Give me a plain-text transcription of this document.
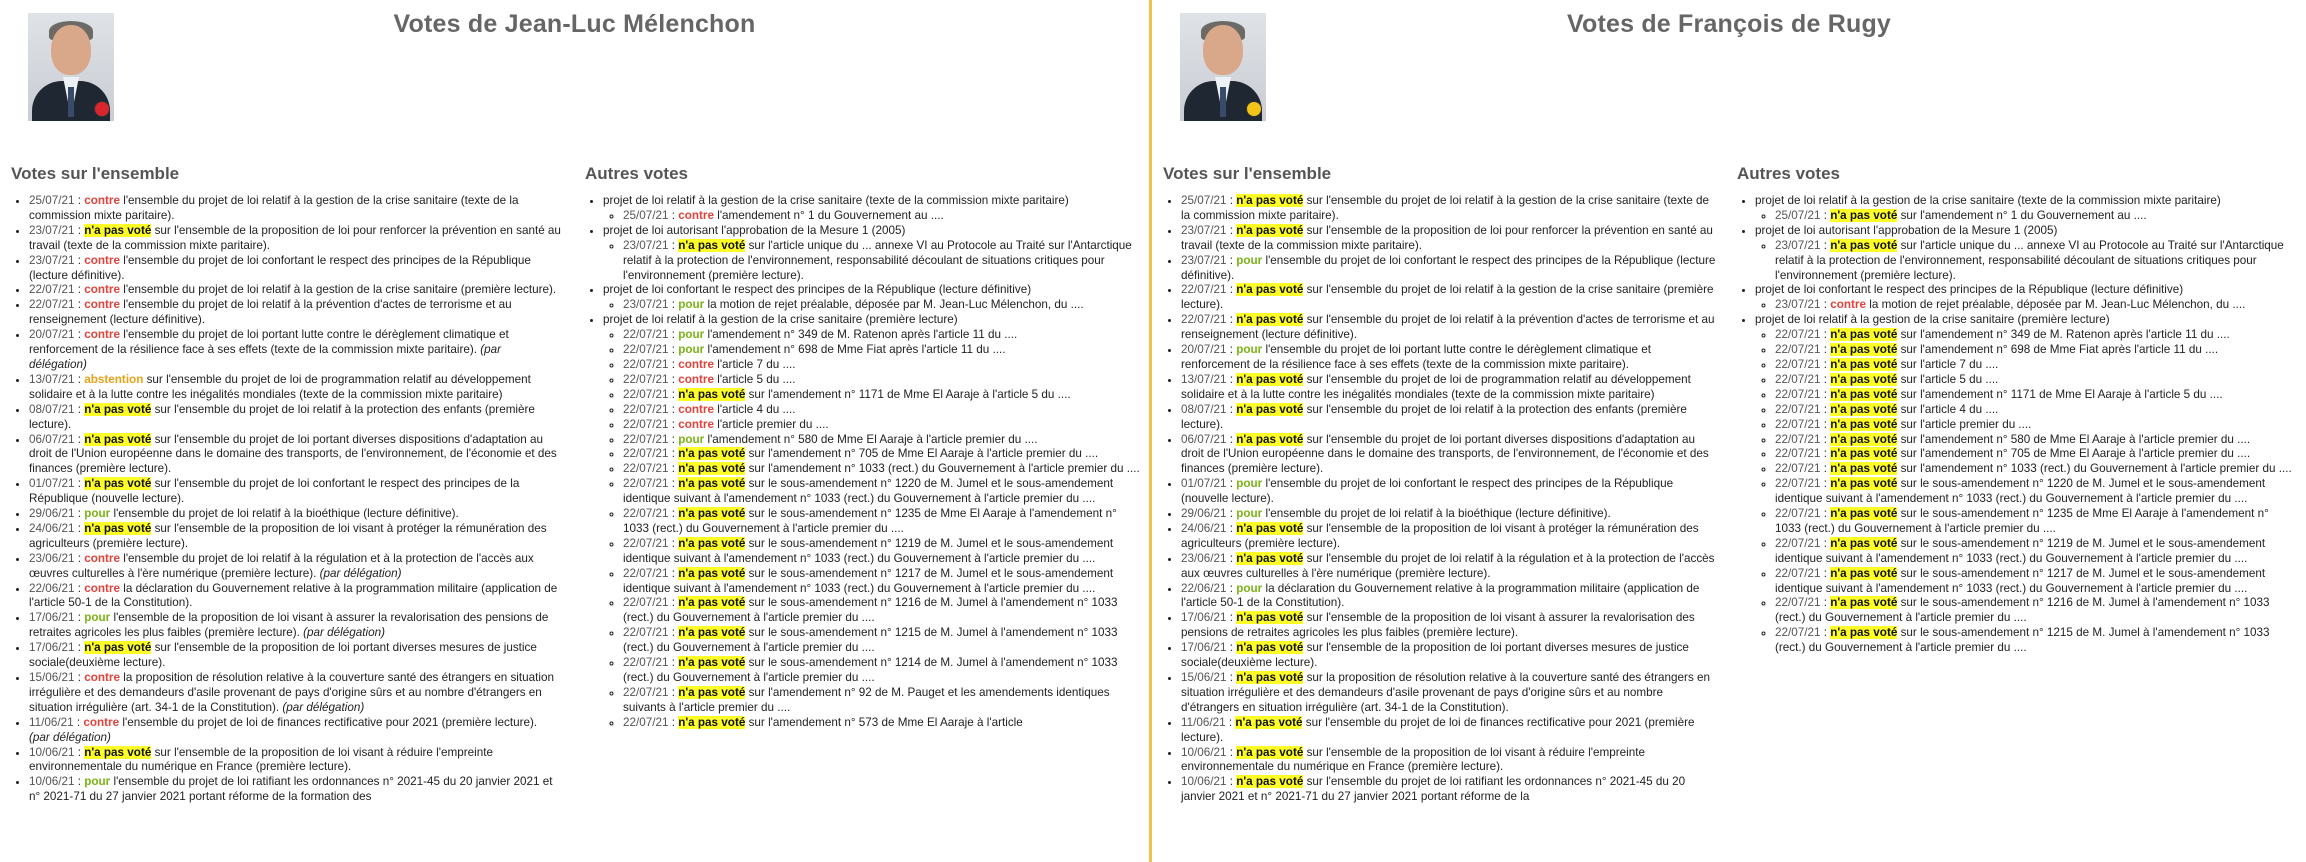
Votes de Jean-Luc Mélenchon
Votes sur l'ensemble
• 25/07/21 : contre l'ensemble du projet de loi relatif à la gestion de la crise sanitaire (texte de la commission mixte paritaire).
• 23/07/21 : n'a pas voté sur l'ensemble de la proposition de loi pour renforcer la prévention en santé au travail (texte de la commission mixte paritaire).
• 23/07/21 : contre l'ensemble du projet de loi confortant le respect des principes de la République (lecture définitive).
• 22/07/21 : contre l'ensemble du projet de loi relatif à la gestion de la crise sanitaire (première lecture).
• 22/07/21 : contre l'ensemble du projet de loi relatif à la prévention d'actes de terrorisme et au renseignement (lecture définitive).
• 20/07/21 : contre l'ensemble du projet de loi portant lutte contre le dérèglement climatique et renforcement de la résilience face à ses effets (texte de la commission mixte paritaire). (par délégation)
• 13/07/21 : abstention sur l'ensemble du projet de loi de programmation relatif au développement solidaire et à la lutte contre les inégalités mondiales (texte de la commission mixte paritaire)
• 08/07/21 : n'a pas voté sur l'ensemble du projet de loi relatif à la protection des enfants (première lecture).
• 06/07/21 : n'a pas voté sur l'ensemble du projet de loi portant diverses dispositions d'adaptation au droit de l'Union européenne dans le domaine des transports, de l'environnement, de l'économie et des finances (première lecture).
• 01/07/21 : n'a pas voté sur l'ensemble du projet de loi confortant le respect des principes de la République (nouvelle lecture).
• 29/06/21 : pour l'ensemble du projet de loi relatif à la bioéthique (lecture définitive).
• 24/06/21 : n'a pas voté sur l'ensemble de la proposition de loi visant à protéger la rémunération des agriculteurs (première lecture).
• 23/06/21 : contre l'ensemble du projet de loi relatif à la régulation et à la protection de l'accès aux œuvres culturelles à l'ère numérique (première lecture). (par délégation)
• 22/06/21 : contre la déclaration du Gouvernement relative à la programmation militaire (application de l'article 50-1 de la Constitution).
• 17/06/21 : pour l'ensemble de la proposition de loi visant à assurer la revalorisation des pensions de retraites agricoles les plus faibles (première lecture). (par délégation)
• 17/06/21 : n'a pas voté sur l'ensemble de la proposition de loi portant diverses mesures de justice sociale(deuxième lecture).
• 15/06/21 : contre la proposition de résolution relative à la couverture santé des étrangers en situation irrégulière et des demandeurs d'asile provenant de pays d'origine sûrs et au nombre d'étrangers en situation irrégulière (art. 34-1 de la Constitution). (par délégation)
• 11/06/21 : contre l'ensemble du projet de loi de finances rectificative pour 2021 (première lecture). (par délégation)
• 10/06/21 : n'a pas voté sur l'ensemble de la proposition de loi visant à réduire l'empreinte environnementale du numérique en France (première lecture).
• 10/06/21 : pour l'ensemble du projet de loi ratifiant les ordonnances n° 2021-45 du 20 janvier 2021 et n° 2021-71 du 27 janvier 2021 portant réforme de la formation des
Autres votes
• projet de loi relatif à la gestion de la crise sanitaire (texte de la commission mixte paritaire)
◦ 25/07/21 : contre l'amendement n° 1 du Gouvernement au ....
• projet de loi autorisant l'approbation de la Mesure 1 (2005)
◦ 23/07/21 : n'a pas voté sur l'article unique du ... annexe VI au Protocole au Traité sur l'Antarctique relatif à la protection de l'environnement, responsabilité découlant de situations critiques pour l'environnement (première lecture).
• projet de loi confortant le respect des principes de la République (lecture définitive)
◦ 23/07/21 : pour la motion de rejet préalable, déposée par M. Jean-Luc Mélenchon, du ....
• projet de loi relatif à la gestion de la crise sanitaire (première lecture)
◦ 22/07/21 : pour l'amendement n° 349 de M. Ratenon après l'article 11 du ....
◦ 22/07/21 : pour l'amendement n° 698 de Mme Fiat après l'article 11 du ....
◦ 22/07/21 : contre l'article 7 du ....
◦ 22/07/21 : contre l'article 5 du ....
◦ 22/07/21 : n'a pas voté sur l'amendement n° 1171 de Mme El Aaraje à l'article 5 du ....
◦ 22/07/21 : contre l'article 4 du ....
◦ 22/07/21 : contre l'article premier du ....
◦ 22/07/21 : pour l'amendement n° 580 de Mme El Aaraje à l'article premier du ....
◦ 22/07/21 : n'a pas voté sur l'amendement n° 705 de Mme El Aaraje à l'article premier du ....
◦ 22/07/21 : n'a pas voté sur l'amendement n° 1033 (rect.) du Gouvernement à l'article premier du ....
◦ 22/07/21 : n'a pas voté sur le sous-amendement n° 1220 de M. Jumel et le sous-amendement identique suivant à l'amendement n° 1033 (rect.) du Gouvernement à l'article premier du ....
◦ 22/07/21 : n'a pas voté sur le sous-amendement n° 1235 de Mme El Aaraje à l'amendement n° 1033 (rect.) du Gouvernement à l'article premier du ....
◦ 22/07/21 : n'a pas voté sur le sous-amendement n° 1219 de M. Jumel et le sous-amendement identique suivant à l'amendement n° 1033 (rect.) du Gouvernement à l'article premier du ....
◦ 22/07/21 : n'a pas voté sur le sous-amendement n° 1217 de M. Jumel et le sous-amendement identique suivant à l'amendement n° 1033 (rect.) du Gouvernement à l'article premier du ....
◦ 22/07/21 : n'a pas voté sur le sous-amendement n° 1216 de M. Jumel à l'amendement n° 1033 (rect.) du Gouvernement à l'article premier du ....
◦ 22/07/21 : n'a pas voté sur le sous-amendement n° 1215 de M. Jumel à l'amendement n° 1033 (rect.) du Gouvernement à l'article premier du ....
◦ 22/07/21 : n'a pas voté sur le sous-amendement n° 1214 de M. Jumel à l'amendement n° 1033 (rect.) du Gouvernement à l'article premier du ....
◦ 22/07/21 : n'a pas voté sur l'amendement n° 92 de M. Pauget et les amendements identiques suivants à l'article premier du ....
◦ 22/07/21 : n'a pas voté sur l'amendement n° 573 de Mme El Aaraje à l'article
Votes de François de Rugy
Votes sur l'ensemble
• 25/07/21 : n'a pas voté sur l'ensemble du projet de loi relatif à la gestion de la crise sanitaire (texte de la commission mixte paritaire).
• 23/07/21 : n'a pas voté sur l'ensemble de la proposition de loi pour renforcer la prévention en santé au travail (texte de la commission mixte paritaire).
• 23/07/21 : pour l'ensemble du projet de loi confortant le respect des principes de la République (lecture définitive).
• 22/07/21 : n'a pas voté sur l'ensemble du projet de loi relatif à la gestion de la crise sanitaire (première lecture).
• 22/07/21 : n'a pas voté sur l'ensemble du projet de loi relatif à la prévention d'actes de terrorisme et au renseignement (lecture définitive).
• 20/07/21 : pour l'ensemble du projet de loi portant lutte contre le dérèglement climatique et renforcement de la résilience face à ses effets (texte de la commission mixte paritaire).
• 13/07/21 : n'a pas voté sur l'ensemble du projet de loi de programmation relatif au développement solidaire et à la lutte contre les inégalités mondiales (texte de la commission mixte paritaire)
• 08/07/21 : n'a pas voté sur l'ensemble du projet de loi relatif à la protection des enfants (première lecture).
• 06/07/21 : n'a pas voté sur l'ensemble du projet de loi portant diverses dispositions d'adaptation au droit de l'Union européenne dans le domaine des transports, de l'environnement, de l'économie et des finances (première lecture).
• 01/07/21 : pour l'ensemble du projet de loi confortant le respect des principes de la République (nouvelle lecture).
• 29/06/21 : pour l'ensemble du projet de loi relatif à la bioéthique (lecture définitive).
• 24/06/21 : n'a pas voté sur l'ensemble de la proposition de loi visant à protéger la rémunération des agriculteurs (première lecture).
• 23/06/21 : n'a pas voté sur l'ensemble du projet de loi relatif à la régulation et à la protection de l'accès aux œuvres culturelles à l'ère numérique (première lecture).
• 22/06/21 : pour la déclaration du Gouvernement relative à la programmation militaire (application de l'article 50-1 de la Constitution).
• 17/06/21 : n'a pas voté sur l'ensemble de la proposition de loi visant à assurer la revalorisation des pensions de retraites agricoles les plus faibles (première lecture).
• 17/06/21 : n'a pas voté sur l'ensemble de la proposition de loi portant diverses mesures de justice sociale(deuxième lecture).
• 15/06/21 : n'a pas voté sur la proposition de résolution relative à la couverture santé des étrangers en situation irrégulière et des demandeurs d'asile provenant de pays d'origine sûrs et au nombre d'étrangers en situation irrégulière (art. 34-1 de la Constitution).
• 11/06/21 : n'a pas voté sur l'ensemble du projet de loi de finances rectificative pour 2021 (première lecture).
• 10/06/21 : n'a pas voté sur l'ensemble de la proposition de loi visant à réduire l'empreinte environnementale du numérique en France (première lecture).
• 10/06/21 : n'a pas voté sur l'ensemble du projet de loi ratifiant les ordonnances n° 2021-45 du 20 janvier 2021 et n° 2021-71 du 27 janvier 2021 portant réforme de la
Autres votes
• projet de loi relatif à la gestion de la crise sanitaire (texte de la commission mixte paritaire)
◦ 25/07/21 : n'a pas voté sur l'amendement n° 1 du Gouvernement au ....
• projet de loi autorisant l'approbation de la Mesure 1 (2005)
◦ 23/07/21 : n'a pas voté sur l'article unique du ... annexe VI au Protocole au Traité sur l'Antarctique relatif à la protection de l'environnement, responsabilité découlant de situations critiques pour l'environnement (première lecture).
• projet de loi confortant le respect des principes de la République (lecture définitive)
◦ 23/07/21 : contre la motion de rejet préalable, déposée par M. Jean-Luc Mélenchon, du ....
• projet de loi relatif à la gestion de la crise sanitaire (première lecture)
◦ 22/07/21 : n'a pas voté sur l'amendement n° 349 de M. Ratenon après l'article 11 du ....
◦ 22/07/21 : n'a pas voté sur l'amendement n° 698 de Mme Fiat après l'article 11 du ....
◦ 22/07/21 : n'a pas voté sur l'article 7 du ....
◦ 22/07/21 : n'a pas voté sur l'article 5 du ....
◦ 22/07/21 : n'a pas voté sur l'amendement n° 1171 de Mme El Aaraje à l'article 5 du ....
◦ 22/07/21 : n'a pas voté sur l'article 4 du ....
◦ 22/07/21 : n'a pas voté sur l'article premier du ....
◦ 22/07/21 : n'a pas voté sur l'amendement n° 580 de Mme El Aaraje à l'article premier du ....
◦ 22/07/21 : n'a pas voté sur l'amendement n° 705 de Mme El Aaraje à l'article premier du ....
◦ 22/07/21 : n'a pas voté sur l'amendement n° 1033 (rect.) du Gouvernement à l'article premier du ....
◦ 22/07/21 : n'a pas voté sur le sous-amendement n° 1220 de M. Jumel et le sous-amendement identique suivant à l'amendement n° 1033 (rect.) du Gouvernement à l'article premier du ....
◦ 22/07/21 : n'a pas voté sur le sous-amendement n° 1235 de Mme El Aaraje à l'amendement n° 1033 (rect.) du Gouvernement à l'article premier du ....
◦ 22/07/21 : n'a pas voté sur le sous-amendement n° 1219 de M. Jumel et le sous-amendement identique suivant à l'amendement n° 1033 (rect.) du Gouvernement à l'article premier du ....
◦ 22/07/21 : n'a pas voté sur le sous-amendement n° 1217 de M. Jumel et le sous-amendement identique suivant à l'amendement n° 1033 (rect.) du Gouvernement à l'article premier du ....
◦ 22/07/21 : n'a pas voté sur le sous-amendement n° 1216 de M. Jumel à l'amendement n° 1033 (rect.) du Gouvernement à l'article premier du ....
◦ 22/07/21 : n'a pas voté sur le sous-amendement n° 1215 de M. Jumel à l'amendement n° 1033 (rect.) du Gouvernement à l'article premier du ....
